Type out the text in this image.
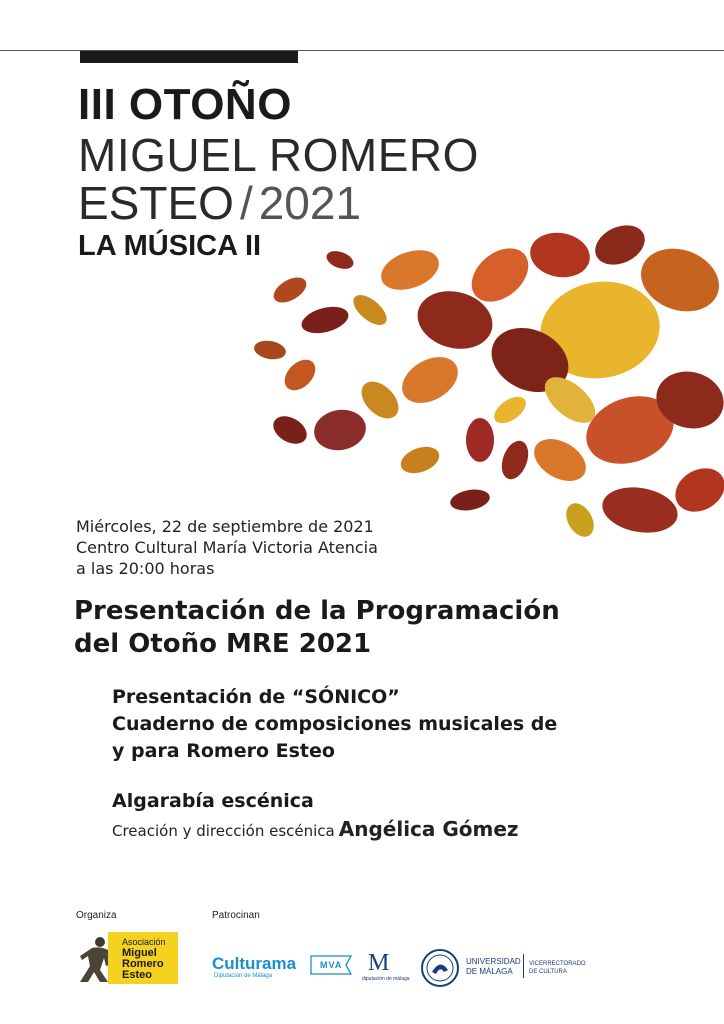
III OTOÑO
MIGUEL ROMERO
ESTEO / 2021
LA MÚSICA II
Miércoles, 22 de septiembre de 2021
Centro Cultural María Victoria Atencia
a las 20:00 horas
Presentación de la Programación
del Otoño MRE 2021
Presentación de “SÓNICO”
Cuaderno de composiciones musicales de
y para Romero Esteo
Algarabía escénica
Creación y dirección escénica Angélica Gómez
Organiza	Patrocinan
Asociación
Miguel
Romero
Esteo
Culturama
Diputación de Málaga
MVA M
diputación de málaga
UNIVERSIDAD
DE MÁLAGA
VICERRECTORADO
DE CULTURA
